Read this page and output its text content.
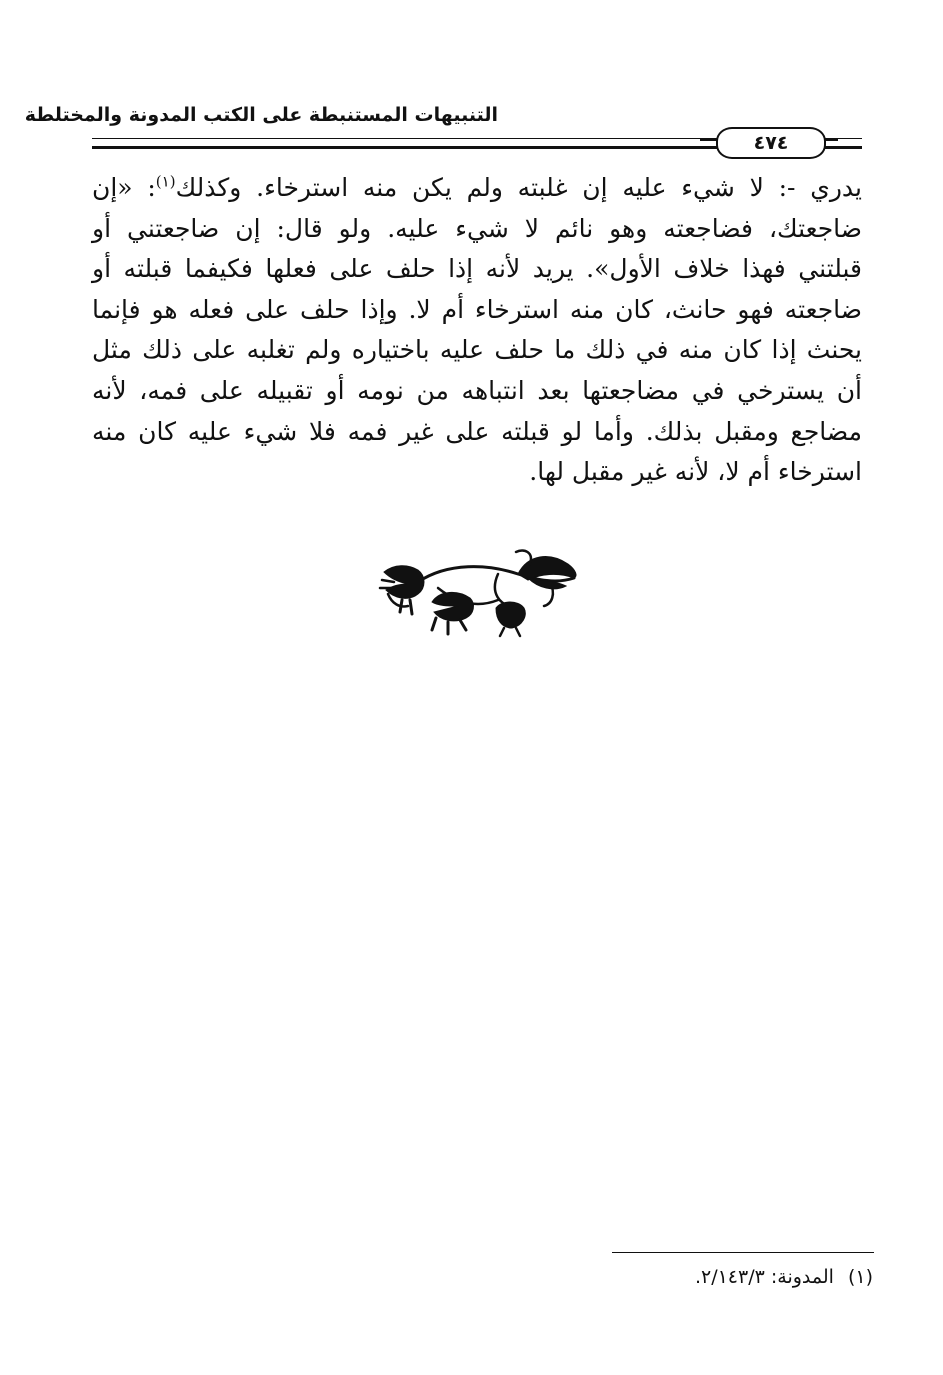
التنبيهات المستنبطة على الكتب المدونة والمختلطة
٤٧٤
يدري -: لا شيء عليه إن غلبته ولم يكن منه استرخاء. وكذلك$^{(١)}$: «إن
ضاجعتك، فضاجعته وهو نائم لا شيء عليه. ولو قال: إن ضاجعتني أو
قبلتني فهذا خلاف الأول». يريد لأنه إذا حلف على فعلها فكيفما قبلته أو
ضاجعته فهو حانث، كان منه استرخاء أم لا. وإذا حلف على فعله هو فإنما
يحنث إذا كان منه في ذلك ما حلف عليه باختياره ولم تغلبه على ذلك مثل
أن يسترخي في مضاجعتها بعد انتباهه من نومه أو تقبيله على فمه، لأنه
مضاجع ومقبل بذلك. وأما لو قبلته على غير فمه فلا شيء عليه كان منه
استرخاء أم لا، لأنه غير مقبل لها.
(١)المدونة: ٢/١٤٣/٣.
